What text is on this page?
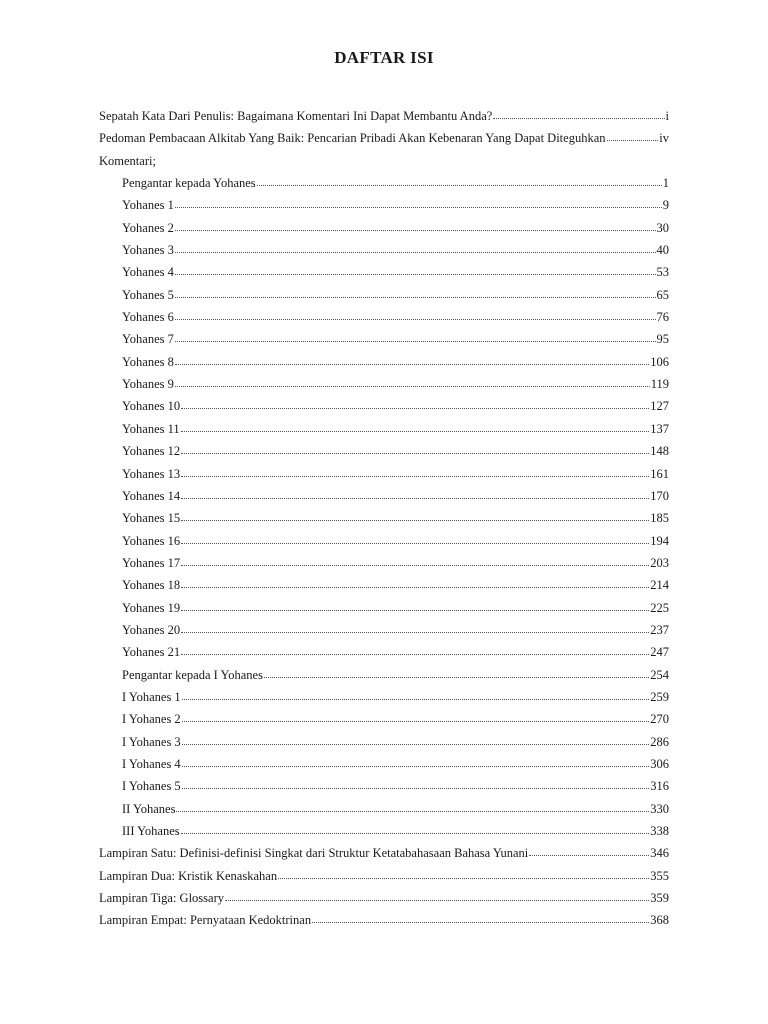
DAFTAR ISI
Sepatah Kata Dari Penulis: Bagaimana Komentari Ini Dapat Membantu Anda?	i
Pedoman Pembacaan Alkitab Yang Baik: Pencarian Pribadi Akan Kebenaran Yang Dapat Diteguhkan	iv
Komentari;
Pengantar kepada Yohanes	1
Yohanes 1	9
Yohanes 2	30
Yohanes 3	40
Yohanes 4	53
Yohanes 5	65
Yohanes 6	76
Yohanes 7	95
Yohanes 8	106
Yohanes 9	119
Yohanes 10	127
Yohanes 11	137
Yohanes 12	148
Yohanes 13	161
Yohanes 14	170
Yohanes 15	185
Yohanes 16	194
Yohanes 17	203
Yohanes 18	214
Yohanes 19	225
Yohanes 20	237
Yohanes 21	247
Pengantar kepada I Yohanes	254
I Yohanes 1	259
I Yohanes 2	270
I Yohanes 3	286
I Yohanes 4	306
I Yohanes 5	316
II Yohanes	330
III Yohanes	338
Lampiran Satu: Definisi-definisi Singkat dari Struktur Ketatabahasaan Bahasa Yunani	346
Lampiran Dua: Kristik Kenaskahan	355
Lampiran Tiga: Glossary	359
Lampiran Empat: Pernyataan Kedoktrinan	368
